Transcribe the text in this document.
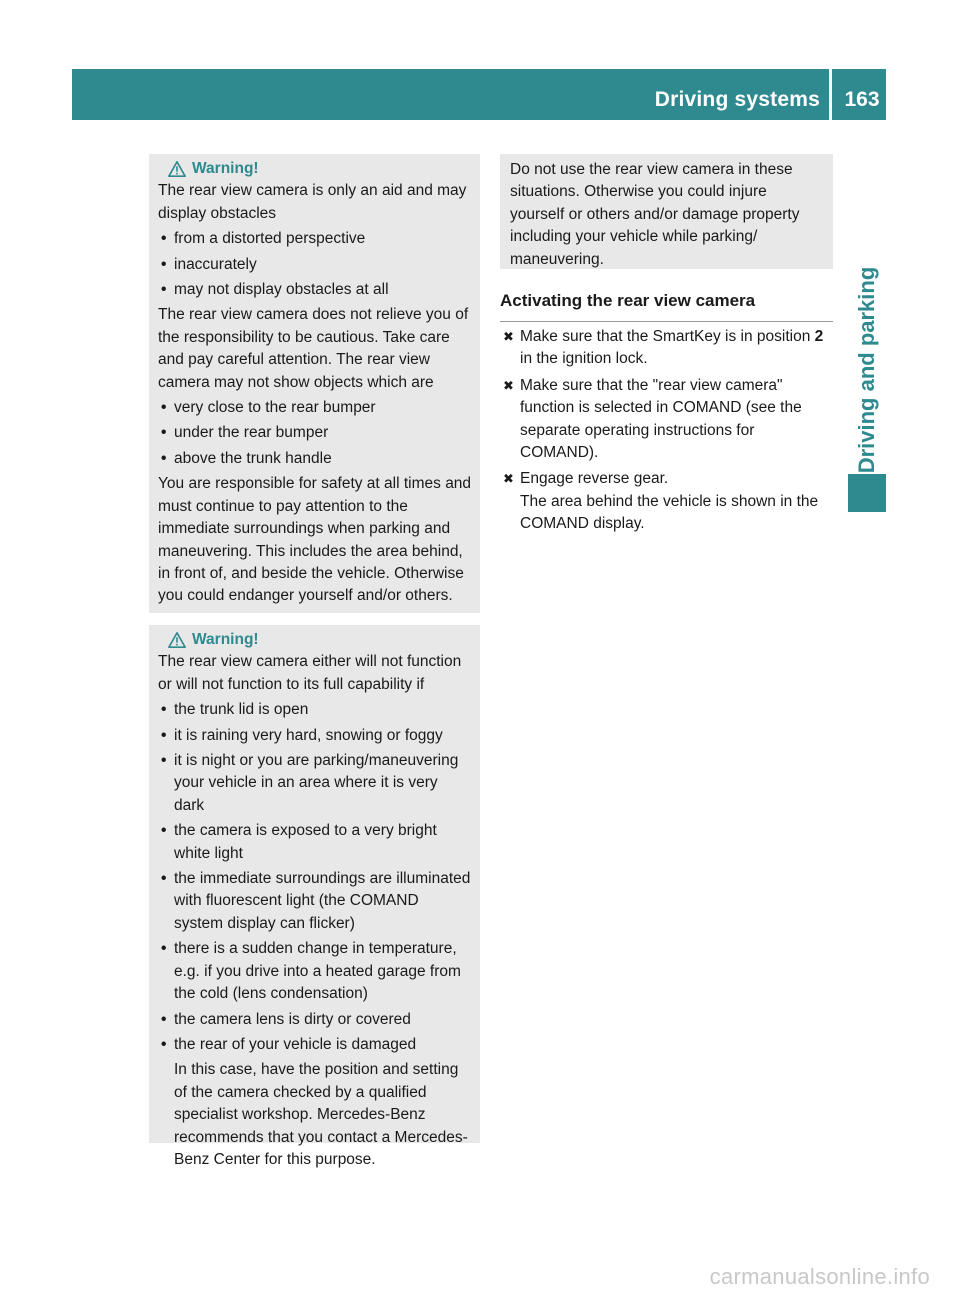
Driving systems	163
Driving and parking
Warning!

The rear view camera is only an aid and may display obstacles

• from a distorted perspective
• inaccurately
• may not display obstacles at all

The rear view camera does not relieve you of the responsibility to be cautious. Take care and pay careful attention. The rear view camera may not show objects which are

• very close to the rear bumper
• under the rear bumper
• above the trunk handle

You are responsible for safety at all times and must continue to pay attention to the immediate surroundings when parking and maneuvering. This includes the area behind, in front of, and beside the vehicle. Otherwise you could endanger yourself and/or others.

Warning!

The rear view camera either will not function or will not function to its full capability if

• the trunk lid is open
• it is raining very hard, snowing or foggy
• it is night or you are parking/maneuvering your vehicle in an area where it is very dark
• the camera is exposed to a very bright white light
• the immediate surroundings are illuminated with fluorescent light (the COMAND system display can flicker)
• there is a sudden change in temperature, e.g. if you drive into a heated garage from the cold (lens condensation)
• the camera lens is dirty or covered
• the rear of your vehicle is damaged
In this case, have the position and setting of the camera checked by a qualified specialist workshop. Mercedes-Benz recommends that you contact a Mercedes-Benz Center for this purpose.

Do not use the rear view camera in these situations. Otherwise you could injure yourself or others and/or damage property including your vehicle while parking/ maneuvering.

Activating the rear view camera
✖ Make sure that the SmartKey is in position 2 in the ignition lock.
✖ Make sure that the "rear view camera" function is selected in COMAND (see the separate operating instructions for COMAND).
✖ Engage reverse gear.
The area behind the vehicle is shown in the COMAND display.
carmanualsonline.info
